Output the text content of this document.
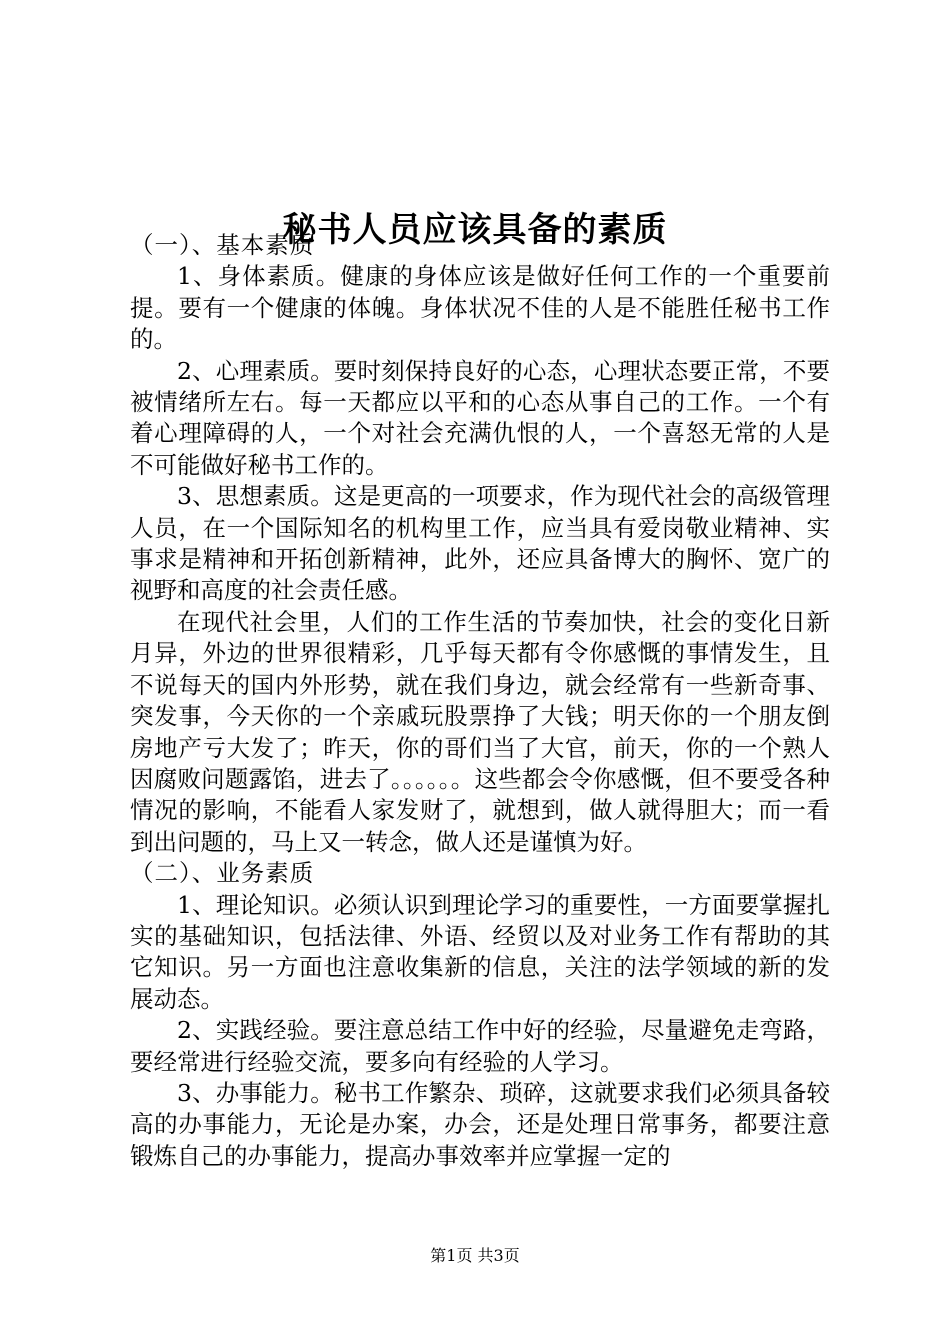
秘书人员应该具备的素质

（一）、基本素质

1、身体素质。健康的身体应该是做好任何工作的一个重要前提。要有一个健康的体魄。身体状况不佳的人是不能胜任秘书工作的。

2、心理素质。要时刻保持良好的心态，心理状态要正常，不要被情绪所左右。每一天都应以平和的心态从事自己的工作。一个有着心理障碍的人，一个对社会充满仇恨的人，一个喜怒无常的人是不可能做好秘书工作的。

3、思想素质。这是更高的一项要求，作为现代社会的高级管理人员，在一个国际知名的机构里工作，应当具有爱岗敬业精神、实事求是精神和开拓创新精神，此外，还应具备博大的胸怀、宽广的视野和高度的社会责任感。

在现代社会里，人们的工作生活的节奏加快，社会的变化日新月异，外边的世界很精彩，几乎每天都有令你感慨的事情发生，且不说每天的国内外形势，就在我们身边，就会经常有一些新奇事、突发事，今天你的一个亲戚玩股票挣了大钱；明天你的一个朋友倒房地产亏大发了；昨天，你的哥们当了大官，前天，你的一个熟人因腐败问题露馅，进去了。。。。。。这些都会令你感慨，但不要受各种情况的影响，不能看人家发财了，就想到，做人就得胆大；而一看到出问题的，马上又一转念，做人还是谨慎为好。

（二）、业务素质

1、理论知识。必须认识到理论学习的重要性，一方面要掌握扎实的基础知识，包括法律、外语、经贸以及对业务工作有帮助的其它知识。另一方面也注意收集新的信息，关注的法学领域的新的发展动态。

2、实践经验。要注意总结工作中好的经验，尽量避免走弯路，要经常进行经验交流，要多向有经验的人学习。

3、办事能力。秘书工作繁杂、琐碎，这就要求我们必须具备较高的办事能力，无论是办案，办会，还是处理日常事务，都要注意锻炼自己的办事能力，提高办事效率并应掌握一定的

第1页 共3页
